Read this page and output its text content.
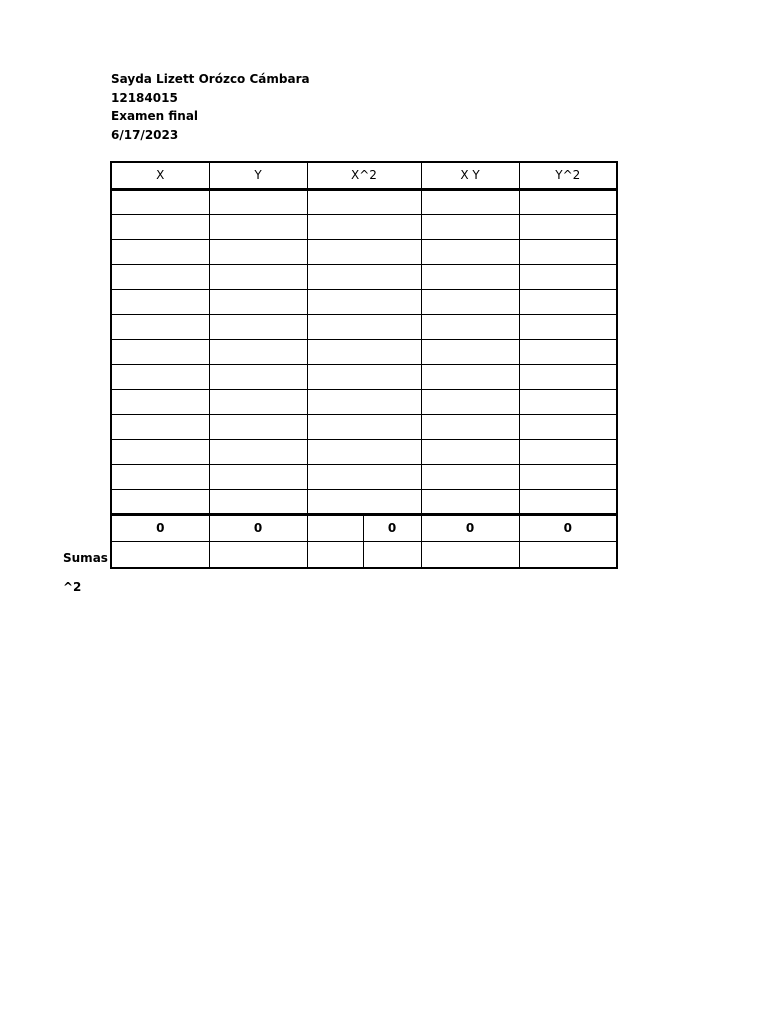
Sayda Lizett Orózco Cámbara
12184015
Examen final
6/17/2023
X	Y	X^2		X Y	Y^2

0	0		0	0	0

Sumas
^2
